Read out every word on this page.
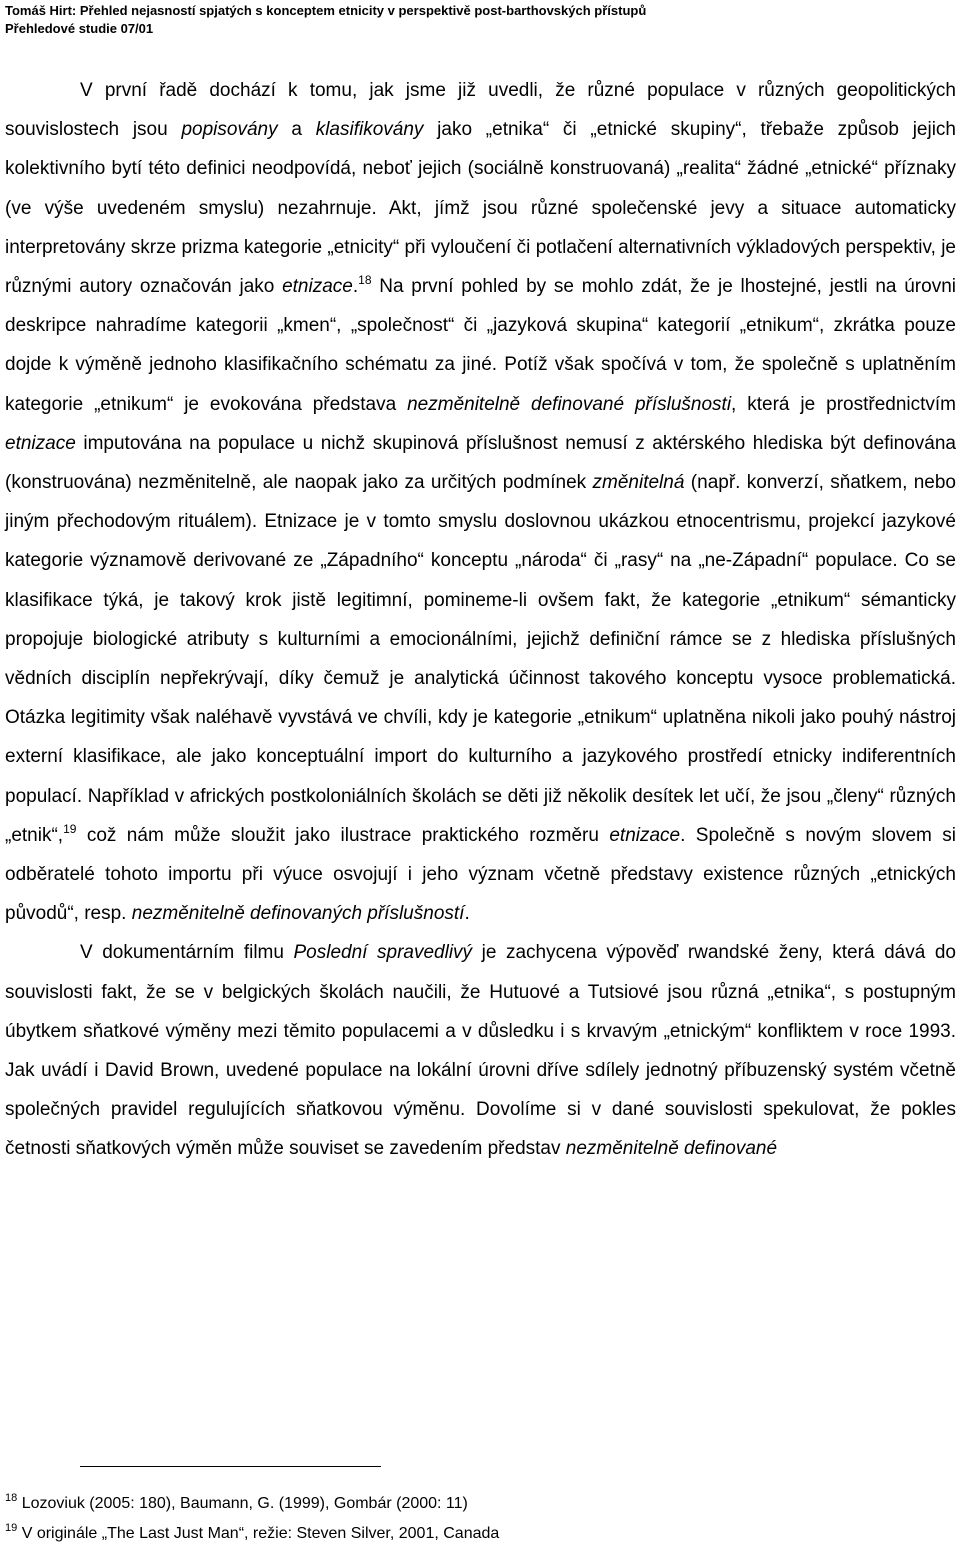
Tomáš Hirt: Přehled nejasností spjatých s konceptem etnicity v perspektivě post-barthovských přístupů
Přehledové studie 07/01

V první řadě dochází k tomu, jak jsme již uvedli, že různé populace v různých geopolitických souvislostech jsou popisovány a klasifikovány jako „etnika“ či „etnické skupiny“, třebaže způsob jejich kolektivního bytí této definici neodpovídá, neboť jejich (sociálně konstruovaná) „realita“ žádné „etnické“ příznaky (ve výše uvedeném smyslu) nezahrnuje. Akt, jímž jsou různé společenské jevy a situace automaticky interpretovány skrze prizma kategorie „etnicity“ při vyloučení či potlačení alternativních výkladových perspektiv, je různými autory označován jako etnizace.$^{18}$ Na první pohled by se mohlo zdát, že je lhostejné, jestli na úrovni deskripce nahradíme kategorii „kmen“, „společnost“ či „jazyková skupina“ kategorií „etnikum“, zkrátka pouze dojde k výměně jednoho klasifikačního schématu za jiné. Potíž však spočívá v tom, že společně s uplatněním kategorie „etnikum“ je evokována představa nezměnitelně definované příslušnosti, která je prostřednictvím etnizace imputována na populace u nichž skupinová příslušnost nemusí z aktérského hlediska být definována (konstruována) nezměnitelně, ale naopak jako za určitých podmínek změnitelná (např. konverzí, sňatkem, nebo jiným přechodovým rituálem). Etnizace je v tomto smyslu doslovnou ukázkou etnocentrismu, projekcí jazykové kategorie významově derivované ze „Západního“ konceptu „národa“ či „rasy“ na „ne-Západní“ populace. Co se klasifikace týká, je takový krok jistě legitimní, pomineme-li ovšem fakt, že kategorie „etnikum“ sémanticky propojuje biologické atributy s kulturními a emocionálními, jejichž definiční rámce se z hlediska příslušných vědních disciplín nepřekrývají, díky čemuž je analytická účinnost takového konceptu vysoce problematická. Otázka legitimity však naléhavě vyvstává ve chvíli, kdy je kategorie „etnikum“ uplatněna nikoli jako pouhý nástroj externí klasifikace, ale jako konceptuální import do kulturního a jazykového prostředí etnicky indiferentních populací. Například v afrických postkoloniálních školách se děti již několik desítek let učí, že jsou „členy“ různých „etnik“,$^{19}$ což nám může sloužit jako ilustrace praktického rozměru etnizace. Společně s novým slovem si odběratelé tohoto importu při výuce osvojují i jeho význam včetně představy existence různých „etnických původů“, resp. nezměnitelně definovaných příslušností.

V dokumentárním filmu Poslední spravedlivý je zachycena výpověď rwandské ženy, která dává do souvislosti fakt, že se v belgických školách naučili, že Hutuové a Tutsiové jsou různá „etnika“, s postupným úbytkem sňatkové výměny mezi těmito populacemi a v důsledku i s krvavým „etnickým“ konfliktem v roce 1993. Jak uvádí i David Brown, uvedené populace na lokální úrovni dříve sdílely jednotný příbuzenský systém včetně společných pravidel regulujících sňatkovou výměnu. Dovolíme si v dané souvislosti spekulovat, že pokles četnosti sňatkových výměn může souviset se zavedením představ nezměnitelně definované

$^{18}$ Lozoviuk (2005: 180), Baumann, G. (1999), Gombár (2000: 11)
$^{19}$ V originále „The Last Just Man“, režie: Steven Silver, 2001, Canada
